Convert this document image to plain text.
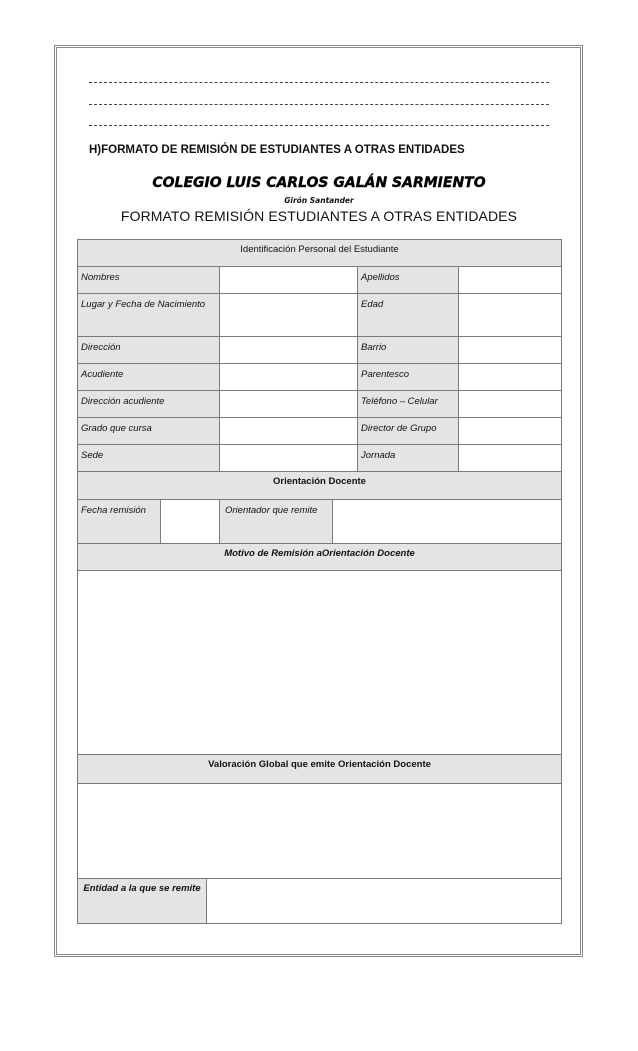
H)FORMATO DE REMISIÓN DE ESTUDIANTES A OTRAS ENTIDADES
COLEGIO LUIS CARLOS GALÁN SARMIENTO
Girón Santander
FORMATO REMISIÓN ESTUDIANTES A OTRAS ENTIDADES
Identificación Personal del Estudiante
Nombres	Apellidos
Lugar y Fecha de Nacimiento	Edad
Dirección	Barrio
Acudiente	Parentesco
Dirección acudiente	Teléfono – Celular
Grado que cursa	Director de Grupo
Sede	Jornada
Orientación Docente
Fecha remisión	Orientador que remite
Motivo de Remisión aOrientación Docente
Valoración Global que emite Orientación Docente
Entidad a la que se remite
